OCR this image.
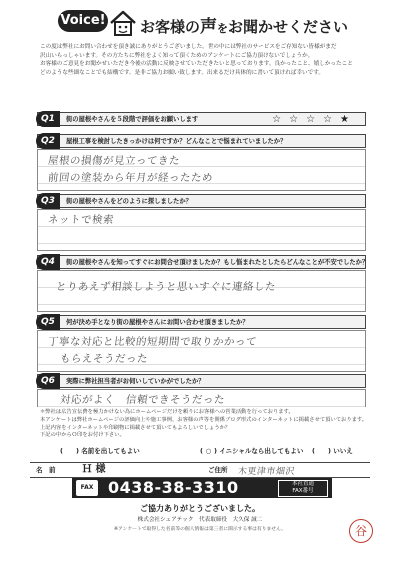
Voice! お客様の声をお聞かせください

この度は弊社にお問い合わせを頂き誠にありがとうございました。世の中には弊社のサービスをご存知ない皆様がまだ

沢山いらっしゃいます。その方たちに弊社をよく知って頂くためのアンケートにご協力頂けないでしょうか。

お客様のご意見をお聞かせいただき今後の活動に反映させていただきたいと思っております。良かったこと、嬉しかったこと

どのような些細なことでも結構です。是非ご協力お願い致します。出来るだけ具体的に書いて頂ければ幸いです。

Q1	街の屋根やさんを５段階で評価をお願いします	☆☆☆☆★
Q2	屋根工事を検討したきっかけは何ですか？どんなことで悩まれていましたか？
屋根の損傷が見立ってきた
前回の塗装から年月が経ったため
Q3	街の屋根やさんをどのように探しましたか？
ネットで検索
Q4	街の屋根やさんを知ってすぐにお問合せ頂けましたか？もし悩まれたとしたらどんなことが不安でしたか？
とりあえず相談しようと思いすぐに連絡した
Q5	何が決め手となり街の屋根やさんにお問い合わせ頂きましたか？
丁寧な対応と比較的短期間で取りかかって
もらえそうだった
Q6	実際に弊社担当者がお伺いしていかがでしたか？
対応がよく　信頼できそうだった

＊弊社は広告宣伝費を極力かけない為にホームページだけを頼りにお客様への営業活動を行っております。

本アンケートは弊社ホームページの評価向上や施工事例、お客様の声等を関係ブログ形式のインターネットに掲載させて頂いております。

上記内容をインターネットや印刷物に掲載させて頂いてもよろしいでしょうか？

下記の中からＯ印をお付け下さい。

( ) 名前を出してもよい	( ○ ) イニシャルなら出してもよい ( ) いいえ
名　前	Ｈ 様	ご住所 木更津市畑沢
FAX 0438-38-3310	本社直通
FAX番号
ご協力ありがとうございました。
株式会社シェアテック　代表取締役　大久保 誠二
※アンケートで取得した名前等の個人情報は第三者に開示する事は有りません。	谷
